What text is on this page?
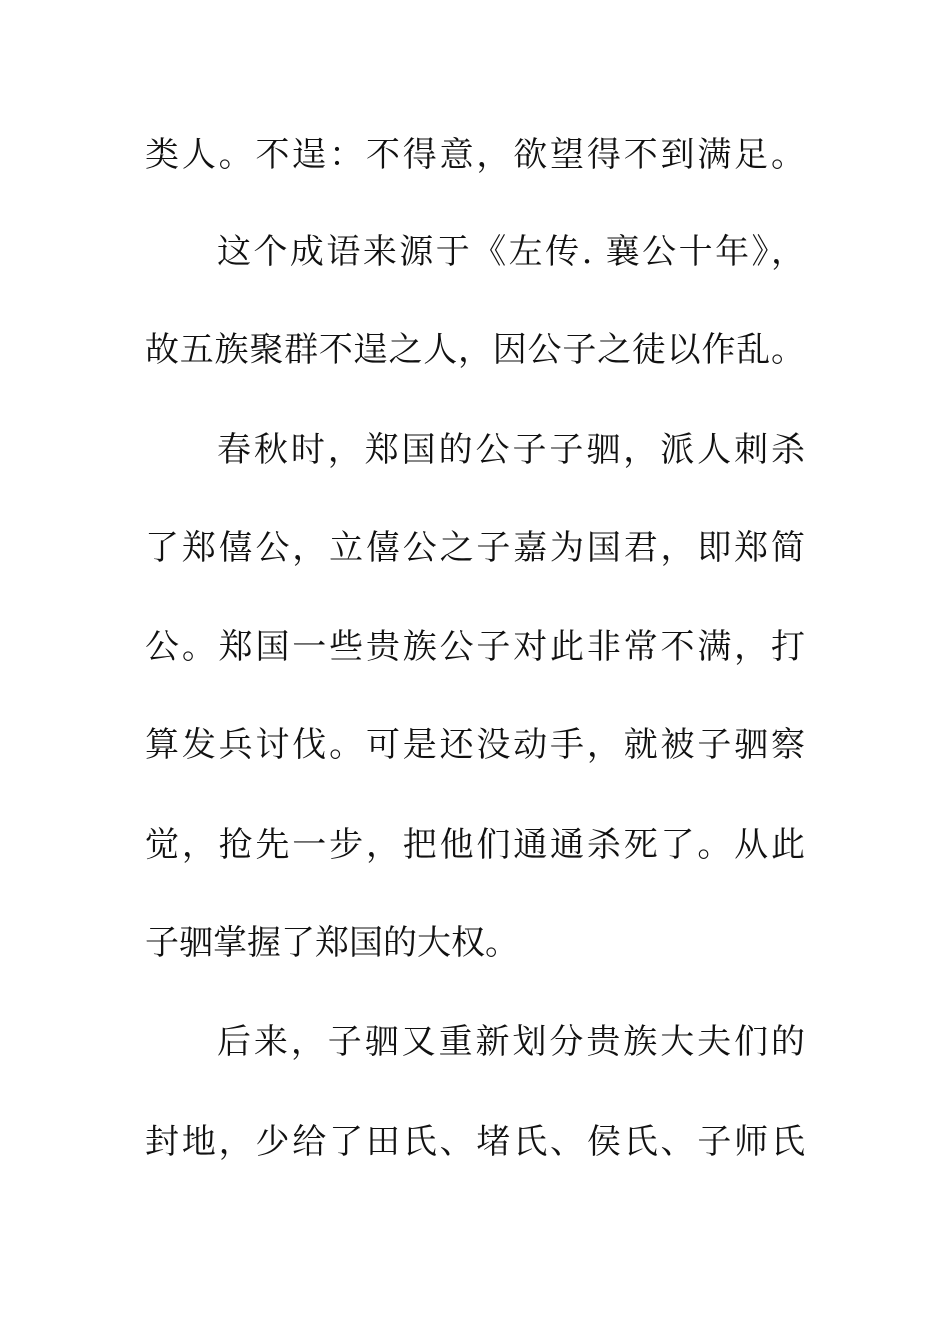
类人。不逞：不得意，欲望得不到满足。
这个成语来源于《左传. 襄公十年》，
故五族聚群不逞之人，因公子之徒以作乱。
春秋时，郑国的公子子驷，派人刺杀
了郑僖公，立僖公之子嘉为国君，即郑简
公。郑国一些贵族公子对此非常不满，打
算发兵讨伐。可是还没动手，就被子驷察
觉，抢先一步，把他们通通杀死了。从此
子驷掌握了郑国的大权。
后来，子驷又重新划分贵族大夫们的
封地，少给了田氏、堵氏、侯氏、子师氏
